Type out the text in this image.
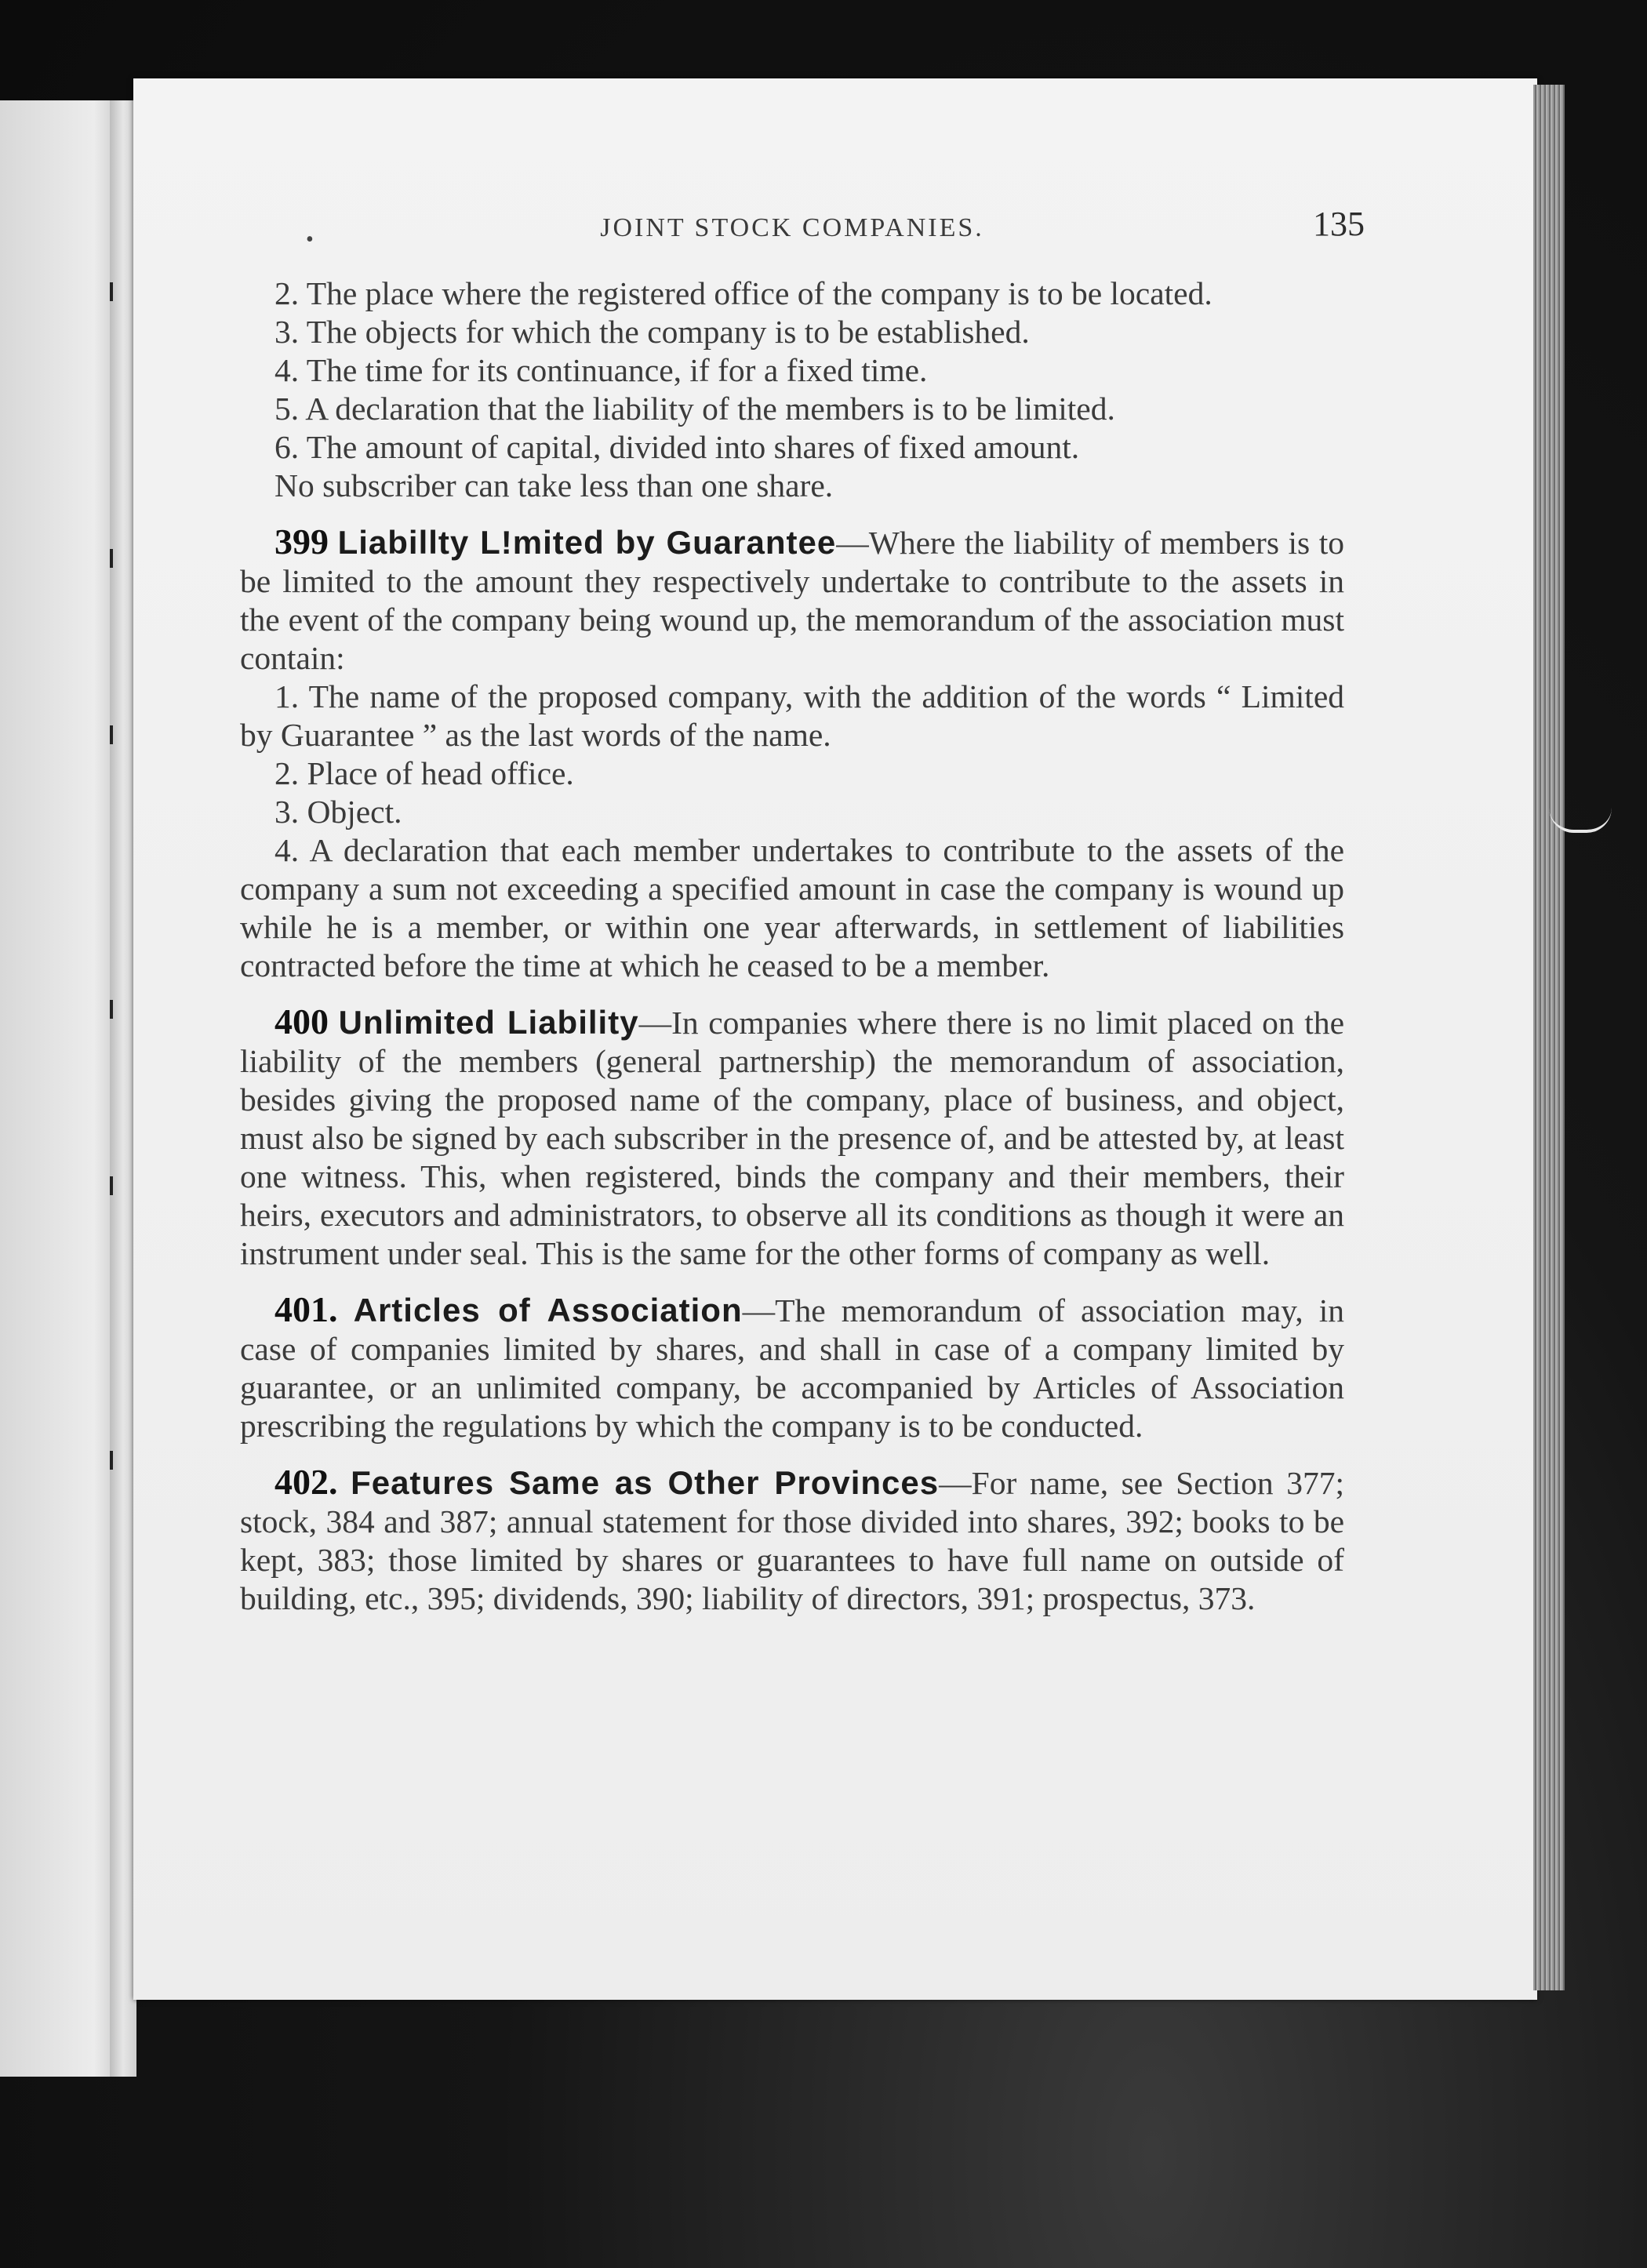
•	JOINT STOCK COMPANIES.	135

2. The place where the registered office of the company is to be located.

3. The objects for which the company is to be established.

4. The time for its continuance, if for a fixed time.

5. A declaration that the liability of the members is to be limited.

6. The amount of capital, divided into shares of fixed amount.

No subscriber can take less than one share.

399 Liabillty L!mited by Guarantee—Where the liability of members is to be limited to the amount they respectively undertake to contribute to the assets in the event of the company being wound up, the memorandum of the association must contain:

1. The name of the proposed company, with the addition of the words “ Limited by Guarantee ” as the last words of the name.

2. Place of head office.

3. Object.

4. A declaration that each member undertakes to contribute to the assets of the company a sum not exceeding a specified amount in case the company is wound up while he is a member, or within one year afterwards, in settlement of liabilities contracted before the time at which he ceased to be a member.

400 Unlimited Liability—In companies where there is no limit placed on the liability of the members (general partnership) the memorandum of association, besides giving the proposed name of the company, place of business, and object, must also be signed by each subscriber in the presence of, and be attested by, at least one witness. This, when registered, binds the company and their members, their heirs, executors and administrators, to observe all its conditions as though it were an instrument under seal. This is the same for the other forms of company as well.

401. Articles of Association—The memorandum of association may, in case of companies limited by shares, and shall in case of a company limited by guarantee, or an unlimited company, be accompanied by Articles of Association prescribing the regulations by which the company is to be conducted.

402. Features Same as Other Provinces—For name, see Section 377; stock, 384 and 387; annual statement for those divided into shares, 392; books to be kept, 383; those limited by shares or guarantees to have full name on outside of building, etc., 395; dividends, 390; liability of directors, 391; prospectus, 373.
